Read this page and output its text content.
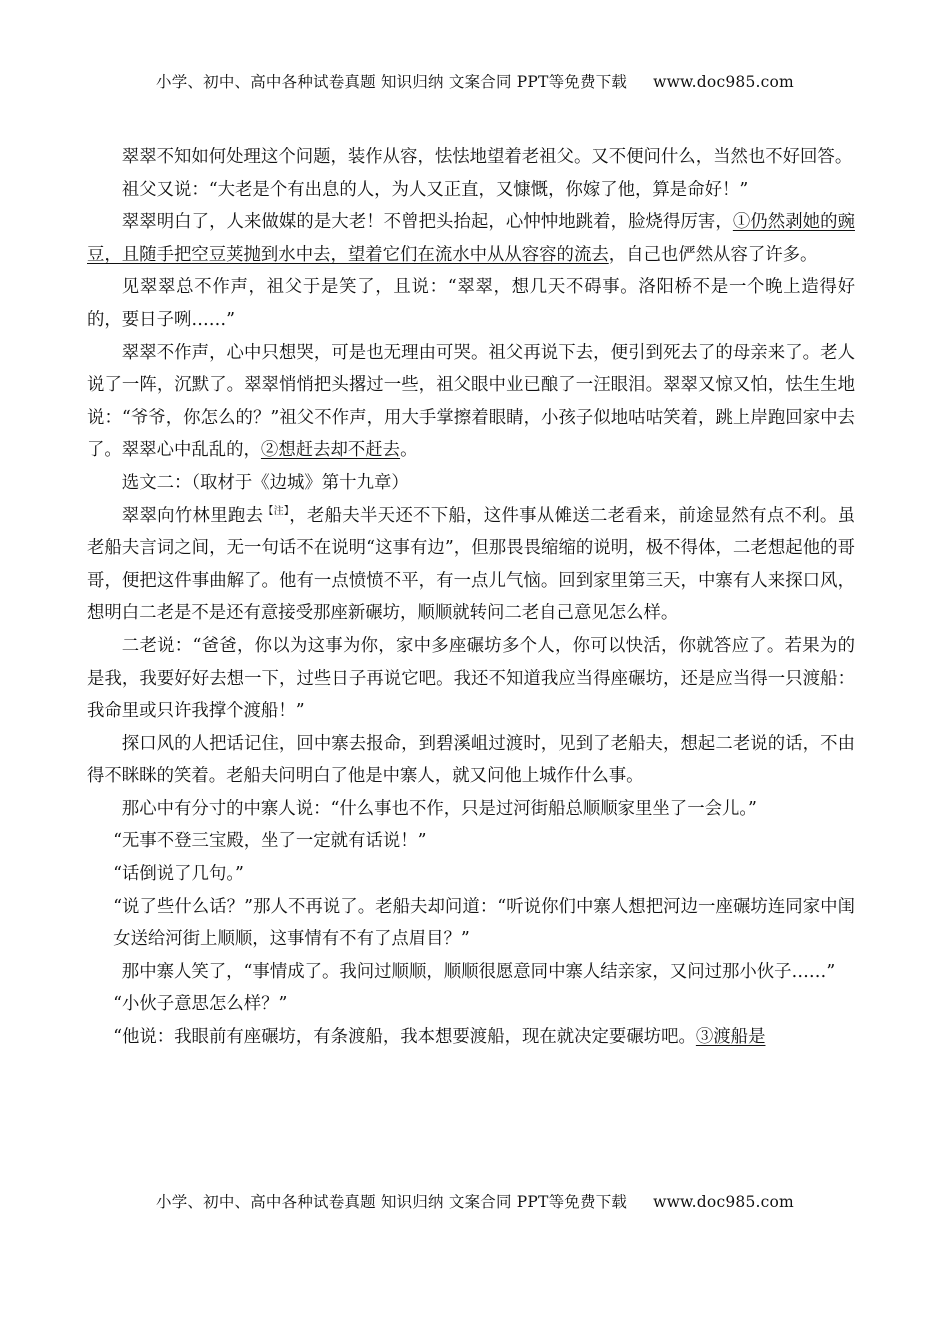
小学、初中、高中各种试卷真题 知识归纳 文案合同 PPT等免费下载 www.doc985.com

翠翠不知如何处理这个问题，装作从容，怯怯地望着老祖父。又不便问什么，当然也不好回答。

祖父又说：“大老是个有出息的人，为人又正直，又慷慨，你嫁了他，算是命好！”

翠翠明白了，人来做媒的是大老！不曾把头抬起，心忡忡地跳着，脸烧得厉害，①仍然剥她的豌豆，且随手把空豆荚抛到水中去，望着它们在流水中从从容容的流去，自己也俨然从容了许多。

见翠翠总不作声，祖父于是笑了，且说：“翠翠，想几天不碍事。洛阳桥不是一个晚上造得好的，要日子咧……”

翠翠不作声，心中只想哭，可是也无理由可哭。祖父再说下去，便引到死去了的母亲来了。老人说了一阵，沉默了。翠翠悄悄把头撂过一些，祖父眼中业已酿了一汪眼泪。翠翠又惊又怕，怯生生地说：“爷爷，你怎么的？”祖父不作声，用大手掌擦着眼睛，小孩子似地咕咕笑着，跳上岸跑回家中去了。翠翠心中乱乱的，②想赶去却不赶去。

选文二：（取材于《边城》第十九章）

翠翠向竹林里跑去$^{【注】}$，老船夫半天还不下船，这件事从傩送二老看来，前途显然有点不利。虽老船夫言词之间，无一句话不在说明“这事有边”，但那畏畏缩缩的说明，极不得体，二老想起他的哥哥，便把这件事曲解了。他有一点愤愤不平，有一点儿气恼。回到家里第三天，中寨有人来探口风，想明白二老是不是还有意接受那座新碾坊，顺顺就转问二老自己意见怎么样。

二老说：“爸爸，你以为这事为你，家中多座碾坊多个人，你可以快活，你就答应了。若果为的是我，我要好好去想一下，过些日子再说它吧。我还不知道我应当得座碾坊，还是应当得一只渡船：我命里或只许我撑个渡船！”

探口风的人把话记住，回中寨去报命，到碧溪岨过渡时，见到了老船夫，想起二老说的话，不由得不眯眯的笑着。老船夫问明白了他是中寨人，就又问他上城作什么事。

那心中有分寸的中寨人说：“什么事也不作，只是过河街船总顺顺家里坐了一会儿。”

“无事不登三宝殿，坐了一定就有话说！”

“话倒说了几句。”

“说了些什么话？”那人不再说了。老船夫却问道：“听说你们中寨人想把河边一座碾坊连同家中闺女送给河街上顺顺，这事情有不有了点眉目？”

那中寨人笑了，“事情成了。我问过顺顺，顺顺很愿意同中寨人结亲家，又问过那小伙子……”

“小伙子意思怎么样？”

“他说：我眼前有座碾坊，有条渡船，我本想要渡船，现在就决定要碾坊吧。③渡船是

小学、初中、高中各种试卷真题 知识归纳 文案合同 PPT等免费下载 www.doc985.com
